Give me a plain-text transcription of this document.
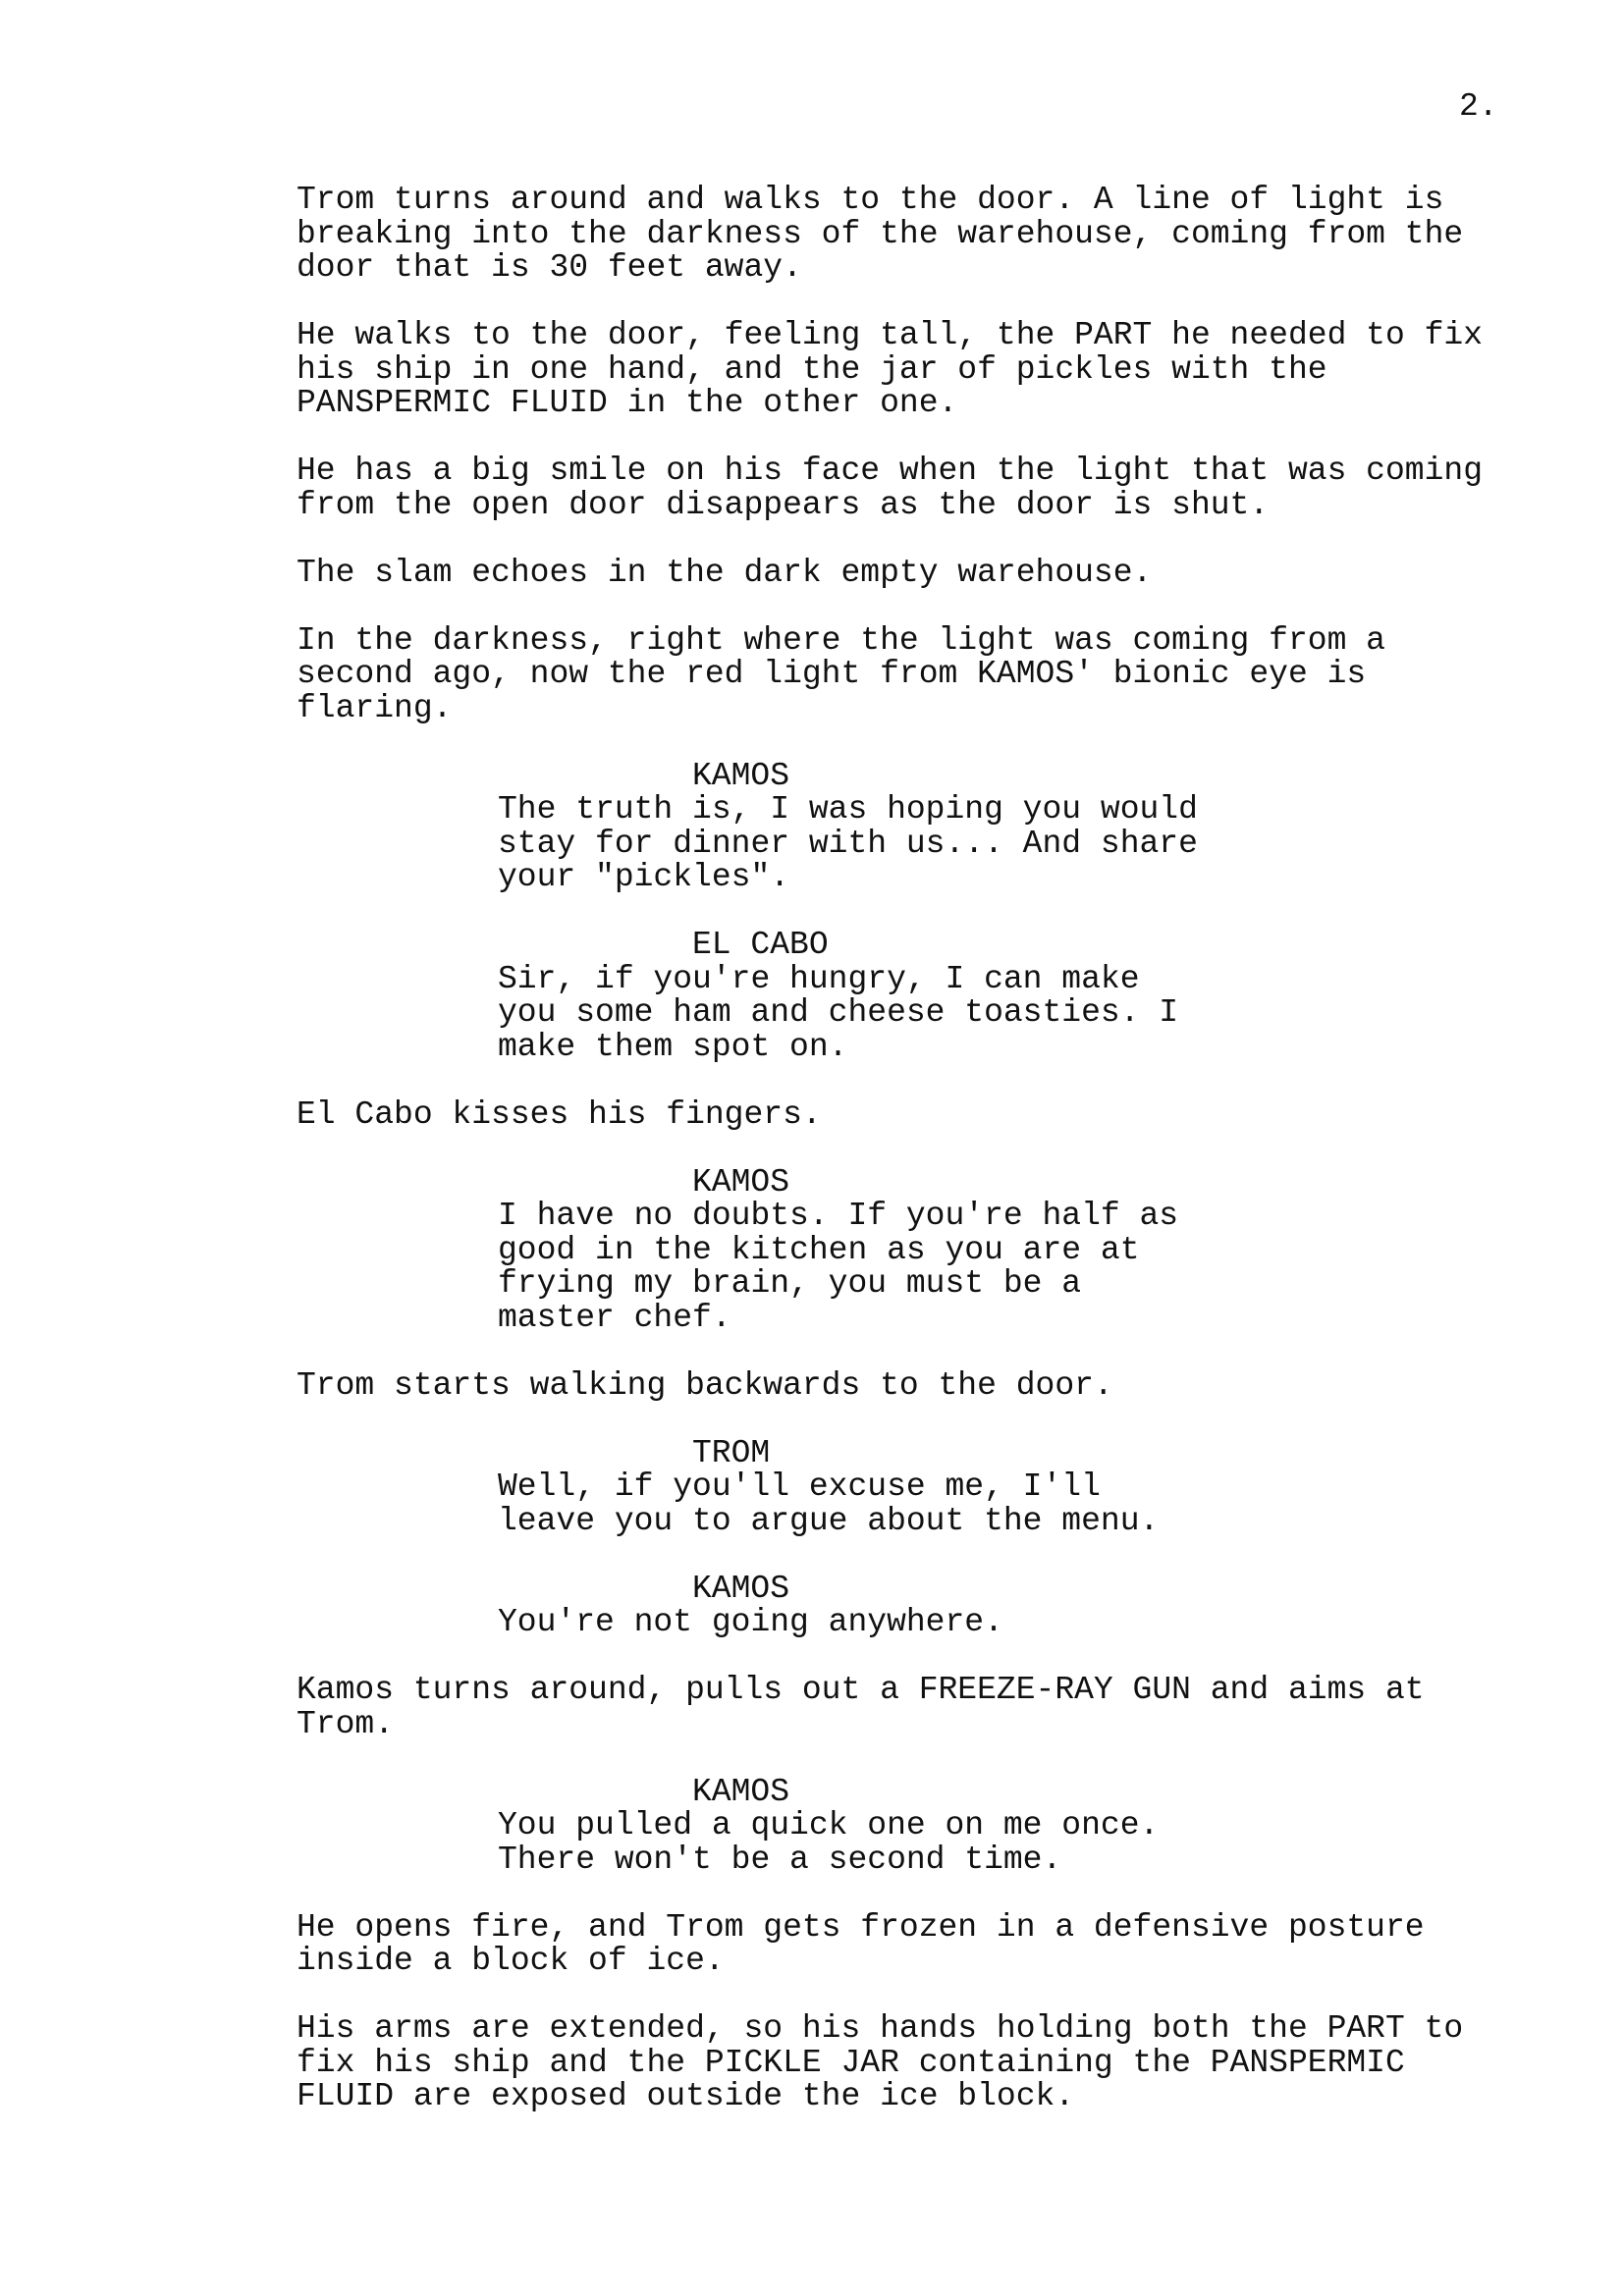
2.

Trom turns around and walks to the door. A line of light is breaking into the darkness of the warehouse, coming from the door that is 30 feet away.

He walks to the door, feeling tall, the PART he needed to fix his ship in one hand, and the jar of pickles with the PANSPERMIC FLUID in the other one.

He has a big smile on his face when the light that was coming from the open door disappears as the door is shut.

The slam echoes in the dark empty warehouse.

In the darkness, right where the light was coming from a second ago, now the red light from KAMOS' bionic eye is flaring.

KAMOS

The truth is, I was hoping you would stay for dinner with us... And share your "pickles".

EL CABO

Sir, if you're hungry, I can make you some ham and cheese toasties. I make them spot on.

El Cabo kisses his fingers.

KAMOS

I have no doubts. If you're half as good in the kitchen as you are at frying my brain, you must be a master chef.

Trom starts walking backwards to the door.

TROM

Well, if you'll excuse me, I'll leave you to argue about the menu.

KAMOS

You're not going anywhere.

Kamos turns around, pulls out a FREEZE-RAY GUN and aims at Trom.

KAMOS

You pulled a quick one on me once. There won't be a second time.

He opens fire, and Trom gets frozen in a defensive posture inside a block of ice.

His arms are extended, so his hands holding both the PART to fix his ship and the PICKLE JAR containing the PANSPERMIC FLUID are exposed outside the ice block.
